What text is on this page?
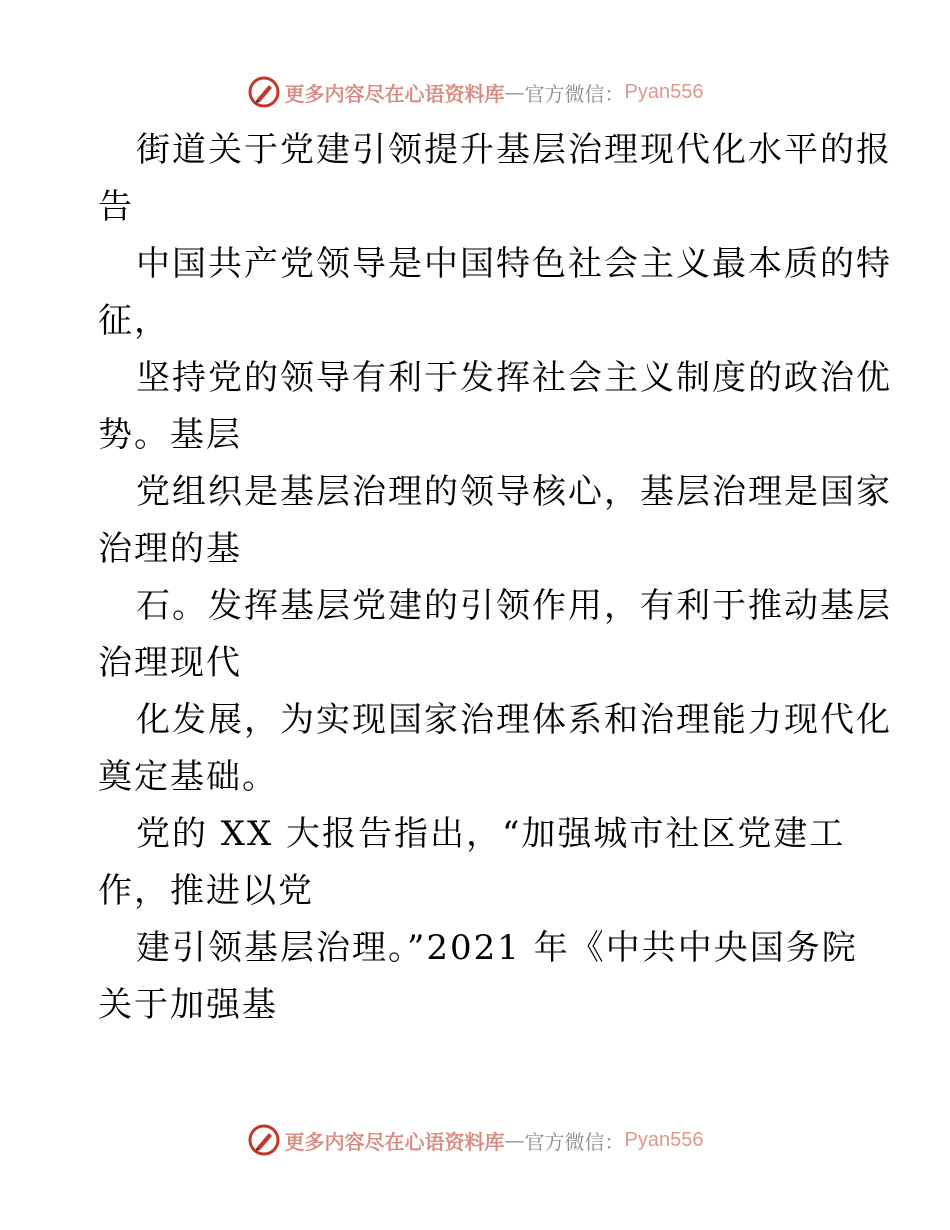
更多内容尽在心语资料库 — 官方微信： Pyan556
街道关于党建引领提升基层治理现代化水平的报
告
中国共产党领导是中国特色社会主义最本质的特
征，
坚持党的领导有利于发挥社会主义制度的政治优
势。基层
党组织是基层治理的领导核心，基层治理是国家
治理的基
石。发挥基层党建的引领作用，有利于推动基层
治理现代
化发展，为实现国家治理体系和治理能力现代化
奠定基础。
党的 XX 大报告指出，“加强城市社区党建工
作，推进以党
建引领基层治理。”2021 年《中共中央国务院
关于加强基
更多内容尽在心语资料库 — 官方微信： Pyan556
